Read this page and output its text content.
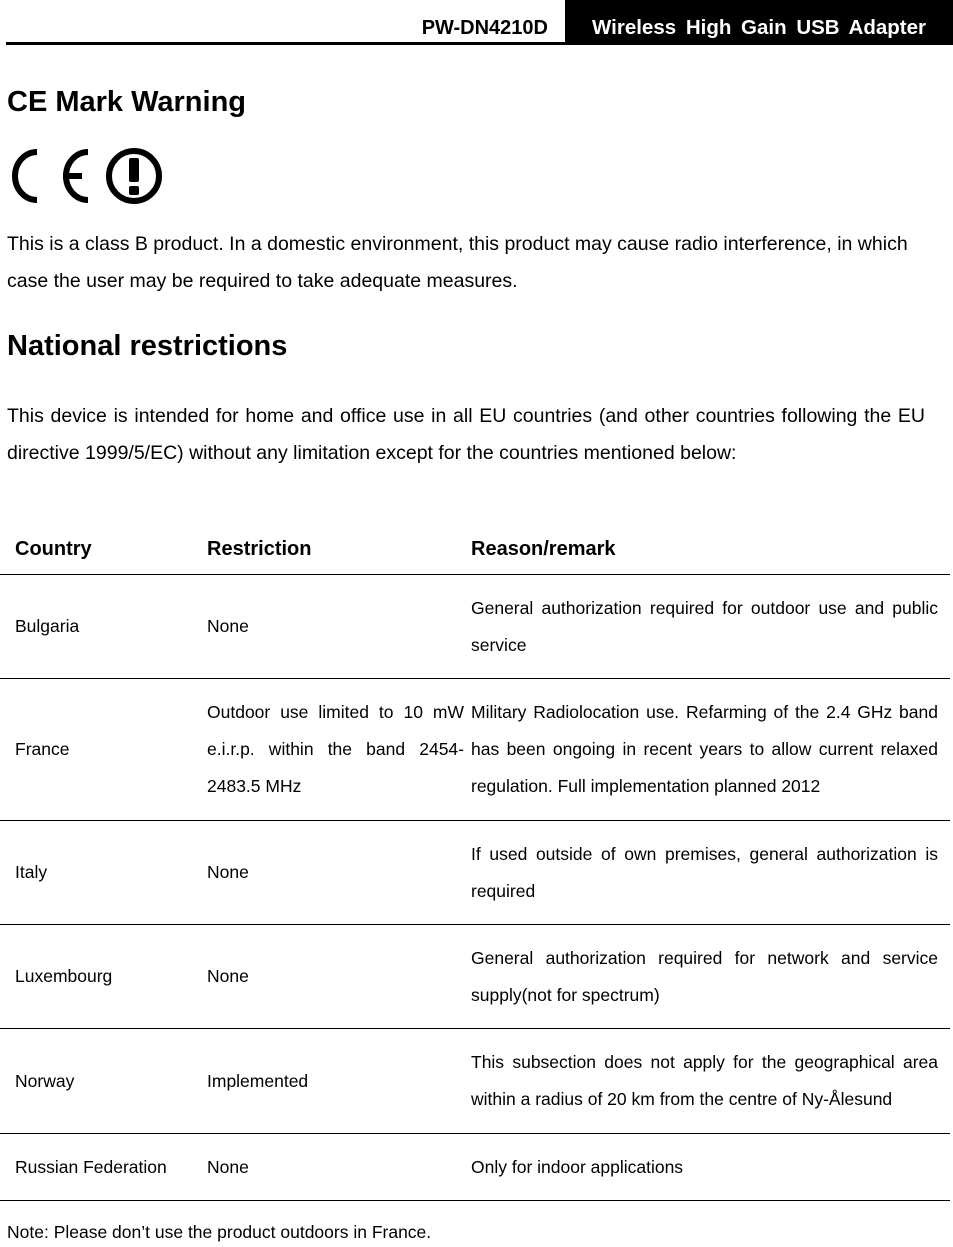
PW-DN4210D Wireless High Gain USB Adapter
CE Mark Warning

This is a class B product. In a domestic environment, this product may cause radio interference, in which case the user may be required to take adequate measures.

National restrictions

This device is intended for home and office use in all EU countries (and other countries following the EU directive 1999/5/EC) without any limitation except for the countries mentioned below:

Country	Restriction	Reason/remark
Bulgaria	None	General authorization required for outdoor use and public service
France	Outdoor use limited to 10 mW e.i.r.p. within the band 2454-2483.5 MHz	Military Radiolocation use. Refarming of the 2.4 GHz band has been ongoing in recent years to allow current relaxed regulation. Full implementation planned 2012
Italy	None	If used outside of own premises, general authorization is required
Luxembourg	None	General authorization required for network and service supply(not for spectrum)
Norway	Implemented	This subsection does not apply for the geographical area within a radius of 20 km from the centre of Ny-Ålesund
Russian Federation	None	Only for indoor applications
Note: Please don’t use the product outdoors in France.
